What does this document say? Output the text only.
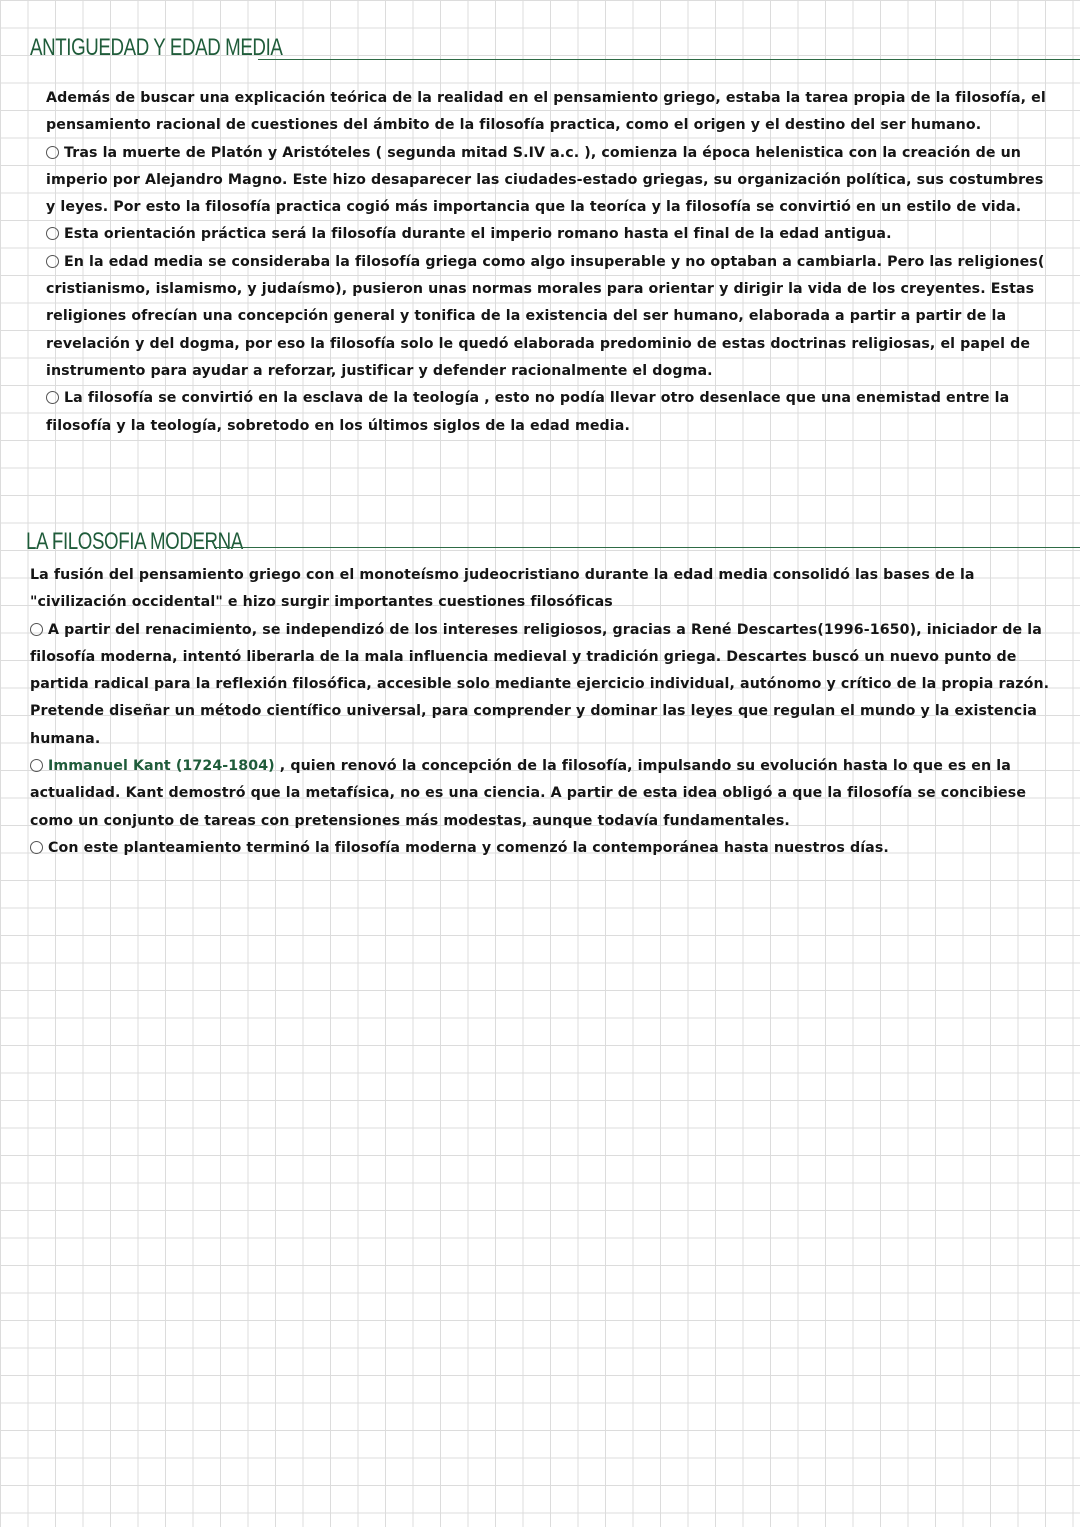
ANTIGUEDAD Y EDAD MEDIA

Además de buscar una explicación teórica de la realidad en el pensamiento griego, estaba la tarea propia de la filosofía, el pensamiento racional de cuestiones del ámbito de la filosofía practica, como el origen y el destino del ser humano.

Tras la muerte de Platón y Aristóteles ( segunda mitad S.IV a.c. ), comienza la época helenistica con la creación de un imperio por Alejandro Magno. Este hizo desaparecer las ciudades-estado griegas, su organización política, sus costumbres y leyes. Por esto la filosofía practica cogió más importancia que la teoríca y la filosofía se convirtió en un estilo de vida.

Esta orientación práctica será la filosofía durante el imperio romano hasta el final de la edad antigua.

En la edad media se consideraba la filosofía griega como algo insuperable y no optaban a cambiarla. Pero las religiones( cristianismo, islamismo, y judaísmo), pusieron unas normas morales para orientar y dirigir la vida de los creyentes. Estas religiones ofrecían una concepción general y tonifica de la existencia del ser humano, elaborada a partir a partir de la revelación y del dogma, por eso la filosofía solo le quedó elaborada predominio de estas doctrinas religiosas, el papel de instrumento para ayudar a reforzar, justificar y defender racionalmente el dogma.

La filosofía se convirtió en la esclava de la teología , esto no podía llevar otro desenlace que una enemistad entre la filosofía y la teología, sobretodo en los últimos siglos de la edad media.

LA FILOSOFIA MODERNA

La fusión del pensamiento griego con el monoteísmo judeocristiano durante la edad media consolidó las bases de la "civilización occidental" e hizo surgir importantes cuestiones filosóficas

A partir del renacimiento, se independizó de los intereses religiosos, gracias a René Descartes(1996-1650), iniciador de la filosofía moderna, intentó liberarla de la mala influencia medieval y tradición griega. Descartes buscó un nuevo punto de partida radical para la reflexión filosófica, accesible solo mediante ejercicio individual, autónomo y crítico de la propia razón. Pretende diseñar un método científico universal, para comprender y dominar las leyes que regulan el mundo y la existencia humana.

Immanuel Kant (1724-1804) , quien renovó la concepción de la filosofía, impulsando su evolución hasta lo que es en la actualidad. Kant demostró que la metafísica, no es una ciencia. A partir de esta idea obligó a que la filosofía se concibiese como un conjunto de tareas con pretensiones más modestas, aunque todavía fundamentales.

Con este planteamiento terminó la filosofía moderna y comenzó la contemporánea hasta nuestros días.
